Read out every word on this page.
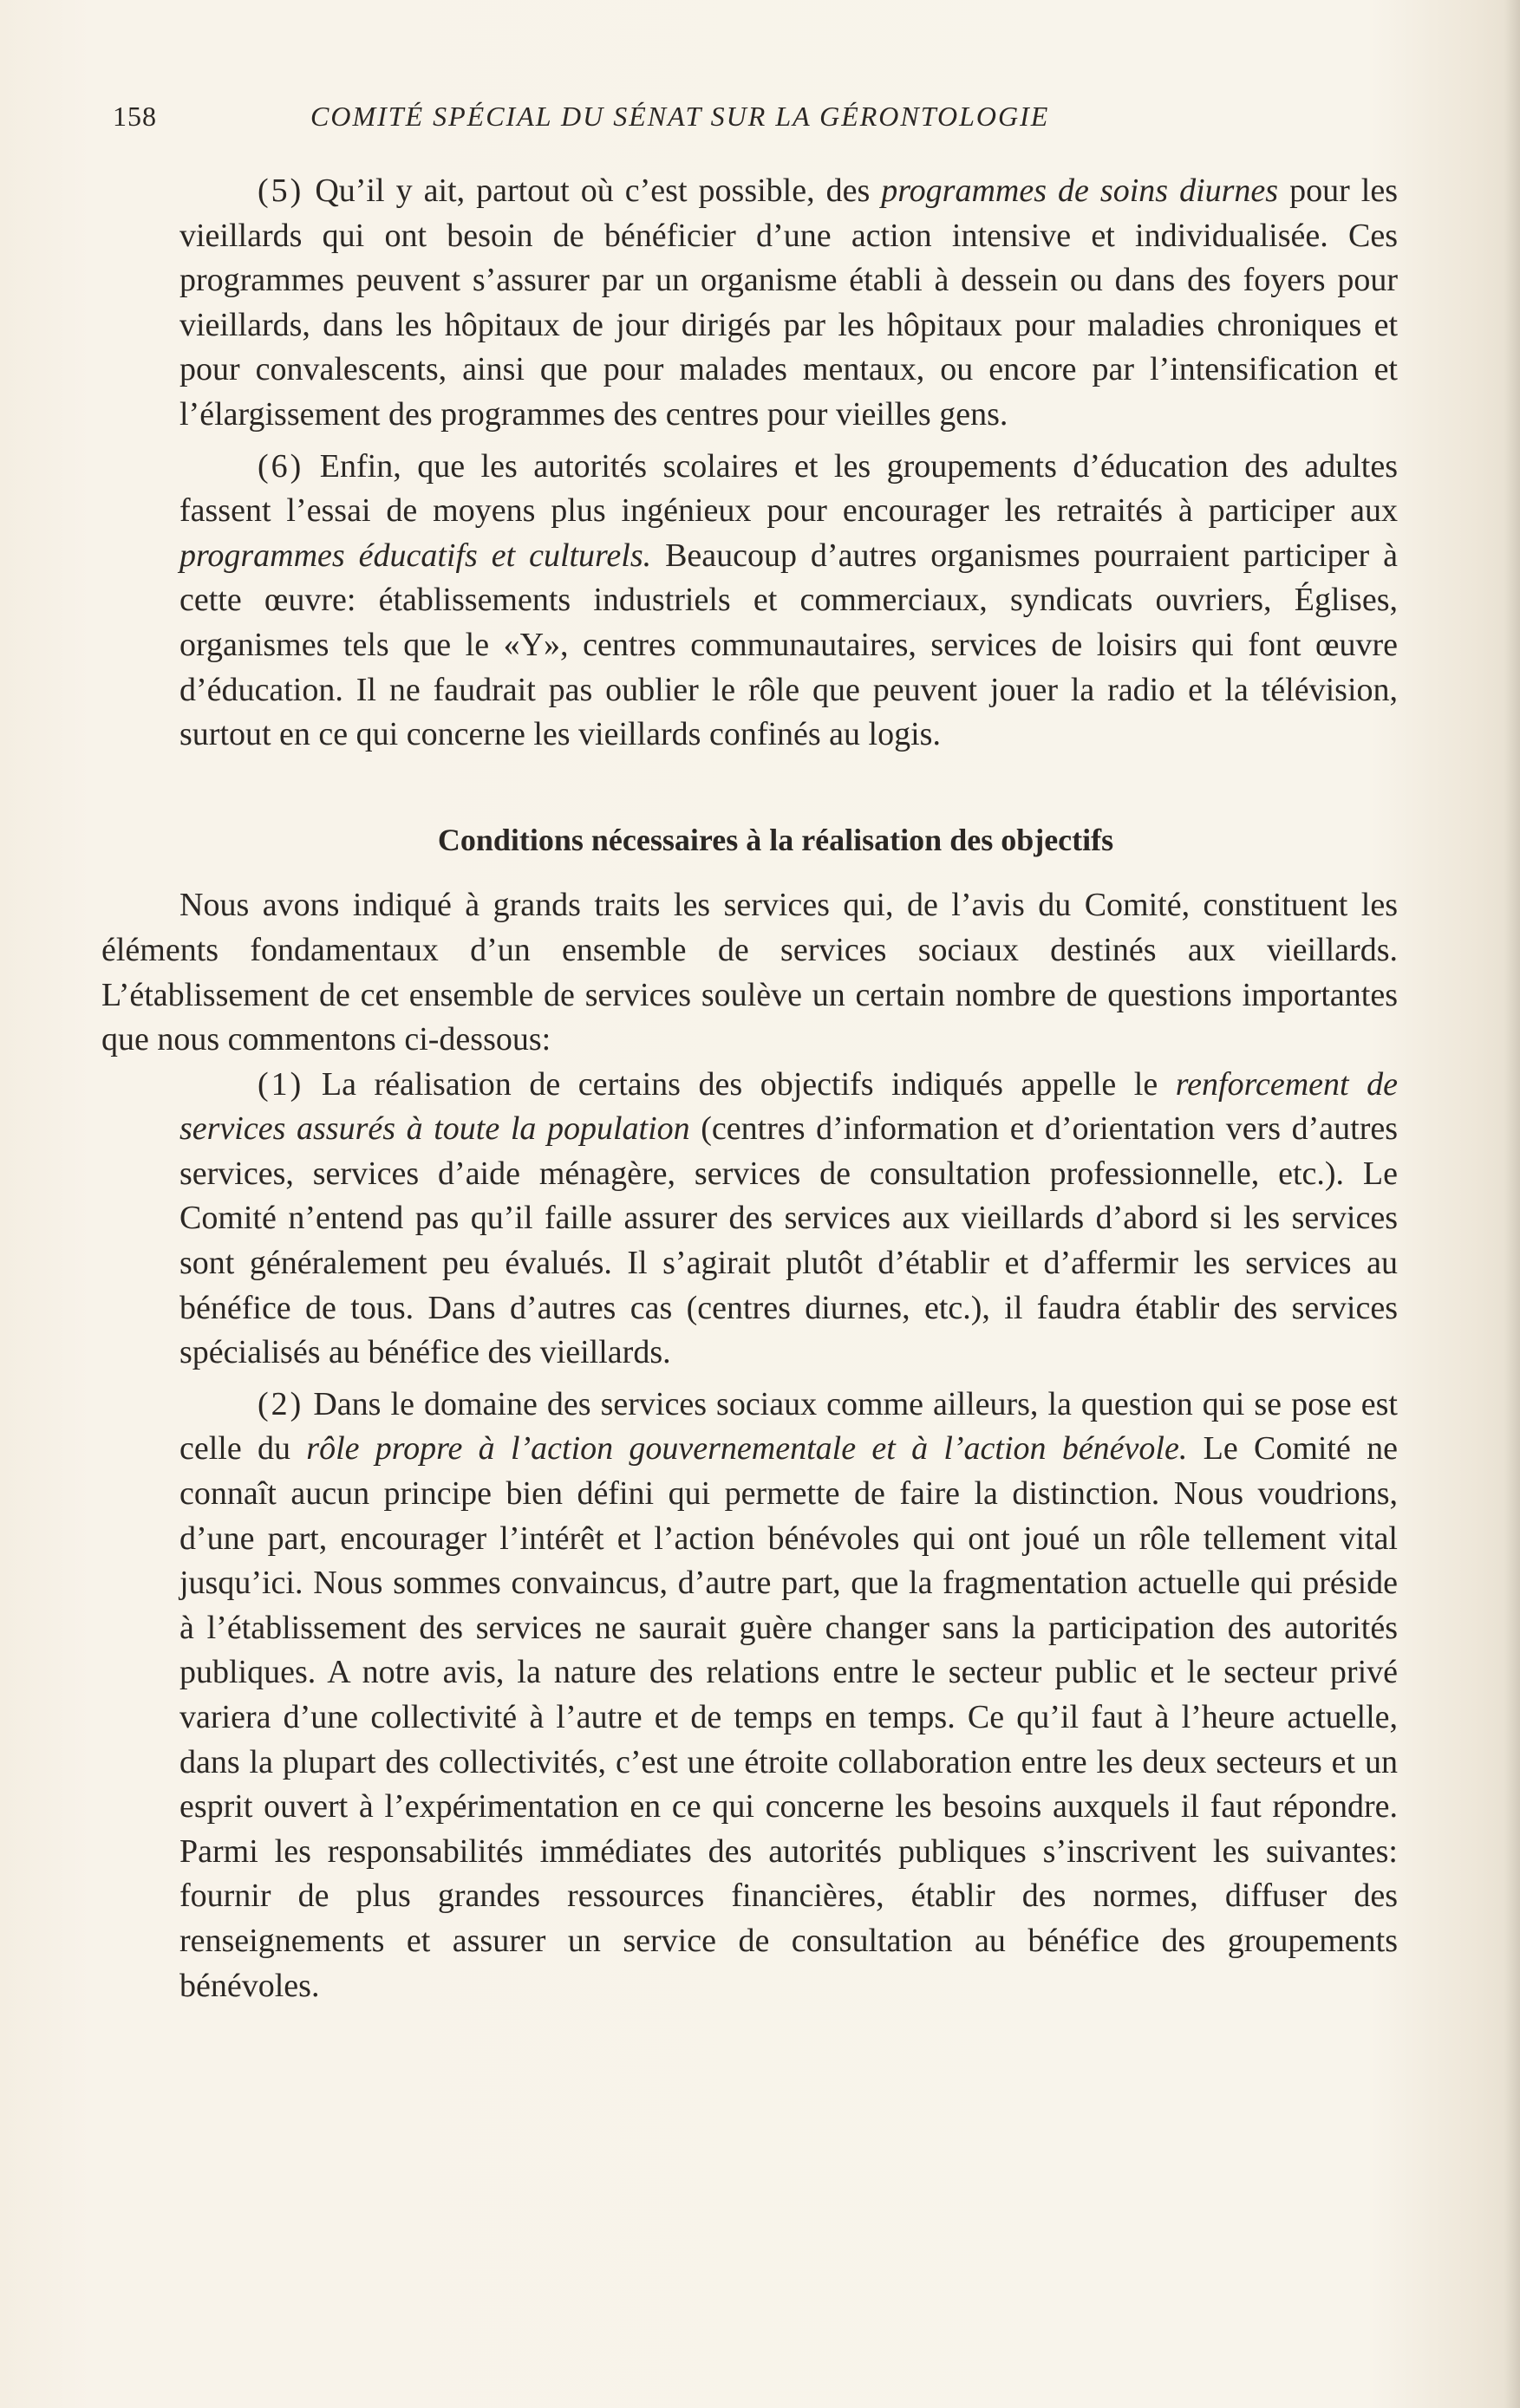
158	COMITÉ SPÉCIAL DU SÉNAT SUR LA GÉRONTOLOGIE

(5) Qu’il y ait, partout où c’est possible, des programmes de soins diurnes pour les vieillards qui ont besoin de bénéficier d’une action intensive et individualisée. Ces programmes peuvent s’assurer par un organisme établi à dessein ou dans des foyers pour vieillards, dans les hôpitaux de jour dirigés par les hôpitaux pour maladies chroniques et pour convalescents, ainsi que pour malades mentaux, ou encore par l’intensification et l’élargissement des programmes des centres pour vieilles gens.

(6) Enfin, que les autorités scolaires et les groupements d’éducation des adultes fassent l’essai de moyens plus ingénieux pour encourager les retraités à participer aux programmes éducatifs et culturels. Beaucoup d’autres organismes pourraient participer à cette œuvre: établissements industriels et commerciaux, syndicats ouvriers, Églises, organismes tels que le «Y», centres communautaires, services de loisirs qui font œuvre d’éducation. Il ne faudrait pas oublier le rôle que peuvent jouer la radio et la télévision, surtout en ce qui concerne les vieillards confinés au logis.

Conditions nécessaires à la réalisation des objectifs

Nous avons indiqué à grands traits les services qui, de l’avis du Comité, constituent les éléments fondamentaux d’un ensemble de services sociaux destinés aux vieillards. L’établissement de cet ensemble de services soulève un certain nombre de questions importantes que nous commentons ci-dessous:

(1) La réalisation de certains des objectifs indiqués appelle le renforcement de services assurés à toute la population (centres d’information et d’orientation vers d’autres services, services d’aide ménagère, services de consultation professionnelle, etc.). Le Comité n’entend pas qu’il faille assurer des services aux vieillards d’abord si les services sont généralement peu évalués. Il s’agirait plutôt d’établir et d’affermir les services au bénéfice de tous. Dans d’autres cas (centres diurnes, etc.), il faudra établir des services spécialisés au bénéfice des vieillards.

(2) Dans le domaine des services sociaux comme ailleurs, la question qui se pose est celle du rôle propre à l’action gouvernementale et à l’action bénévole. Le Comité ne connaît aucun principe bien défini qui permette de faire la distinction. Nous voudrions, d’une part, encourager l’intérêt et l’action bénévoles qui ont joué un rôle tellement vital jusqu’ici. Nous sommes convaincus, d’autre part, que la fragmentation actuelle qui préside à l’établissement des services ne saurait guère changer sans la participation des autorités publiques. A notre avis, la nature des relations entre le secteur public et le secteur privé variera d’une collectivité à l’autre et de temps en temps. Ce qu’il faut à l’heure actuelle, dans la plupart des collectivités, c’est une étroite collaboration entre les deux secteurs et un esprit ouvert à l’expérimentation en ce qui concerne les besoins auxquels il faut répondre. Parmi les responsabilités immédiates des autorités publiques s’inscrivent les suivantes: fournir de plus grandes ressources financières, établir des normes, diffuser des renseignements et assurer un service de consultation au bénéfice des groupements bénévoles.
